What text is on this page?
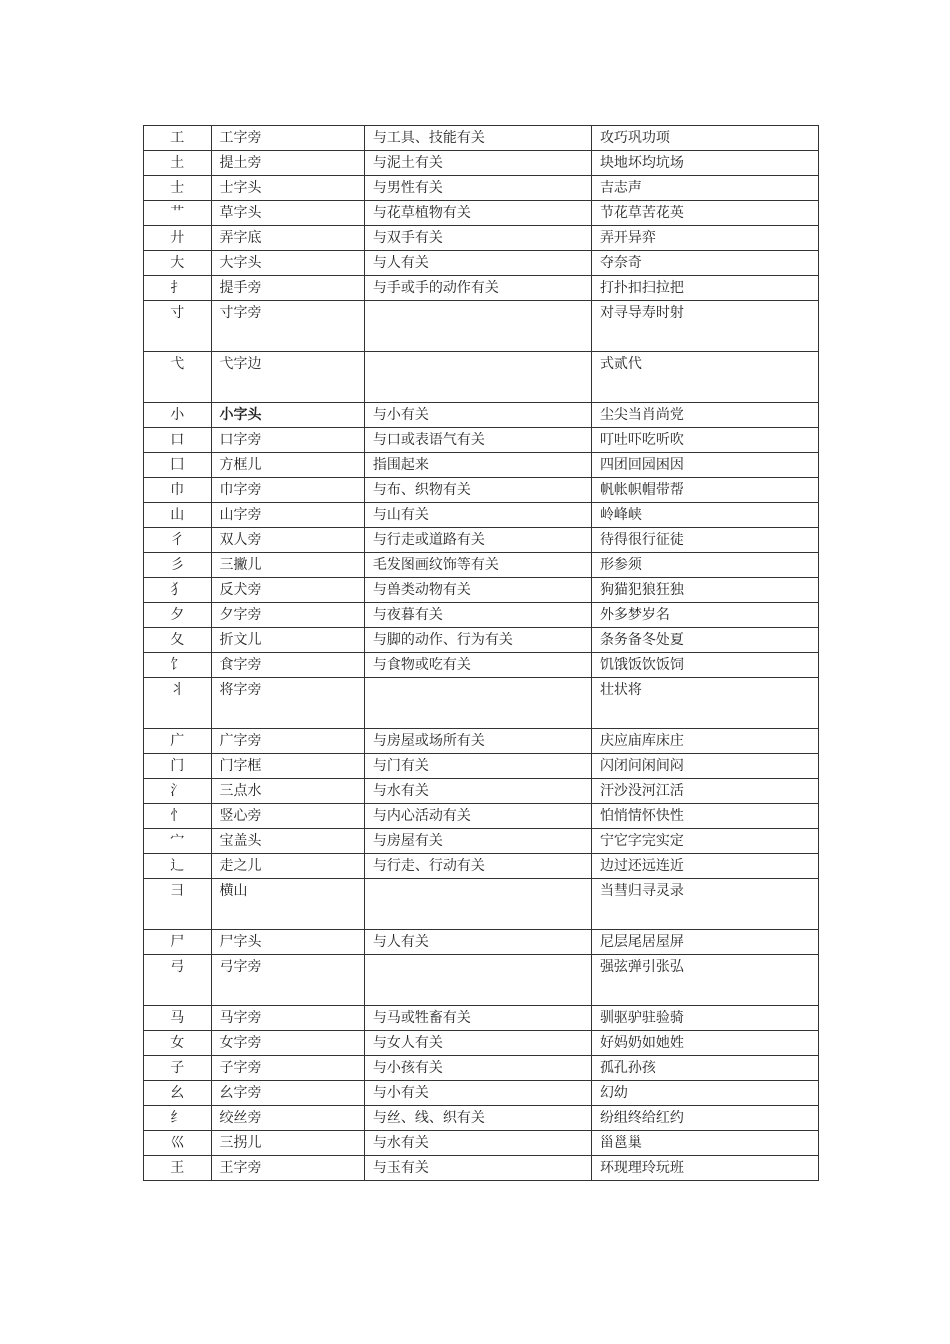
工	工字旁	与工具、技能有关	攻巧巩功项
土	提土旁	与泥土有关	块地坏均坑场
士	士字头	与男性有关	吉志声
艹	草字头	与花草植物有关	节花草苦花英
廾	弄字底	与双手有关	弄开异弈
大	大字头	与人有关	夺奈奇
扌	提手旁	与手或手的动作有关	打扑扣扫拉把
寸	寸字旁		对寻导寿时射
弋	弋字边		式贰代
小	小字头	与小有关	尘尖当肖尚党
口	口字旁	与口或表语气有关	叮吐吓吃听吹
囗	方框儿	指围起来	四团回园困因
巾	巾字旁	与布、织物有关	帆帐帜帽带帮
山	山字旁	与山有关	岭峰峡
彳	双人旁	与行走或道路有关	待得很行征徒
彡	三撇儿	毛发图画纹饰等有关	形参须
犭	反犬旁	与兽类动物有关	狗猫犯狼狂独
夕	夕字旁	与夜暮有关	外多梦岁名
夂	折文儿	与脚的动作、行为有关	条务备冬处夏
饣	食字旁	与食物或吃有关	饥饿饭饮饭饲
丬	将字旁		壮状将
广	广字旁	与房屋或场所有关	庆应庙库床庄
门	门字框	与门有关	闪闭问闲间闷
氵	三点水	与水有关	汗沙没河江活
忄	竖心旁	与内心活动有关	怕悄情怀快性
宀	宝盖头	与房屋有关	宁它字完实定
辶	走之儿	与行走、行动有关	边过还远连近
彐	横山		当彗归寻灵录
尸	尸字头	与人有关	尼层尾居屋屏
弓	弓字旁		强弦弹引张弘
马	马字旁	与马或牲畜有关	驯驱驴驻验骑
女	女字旁	与女人有关	好妈奶如她姓
子	子字旁	与小孩有关	孤孔孙孩
幺	幺字旁	与小有关	幻幼
纟	绞丝旁	与丝、线、织有关	纷组终给红约
巛	三拐儿	与水有关	甾邕巢
王	王字旁	与玉有关	环现理玲玩班
